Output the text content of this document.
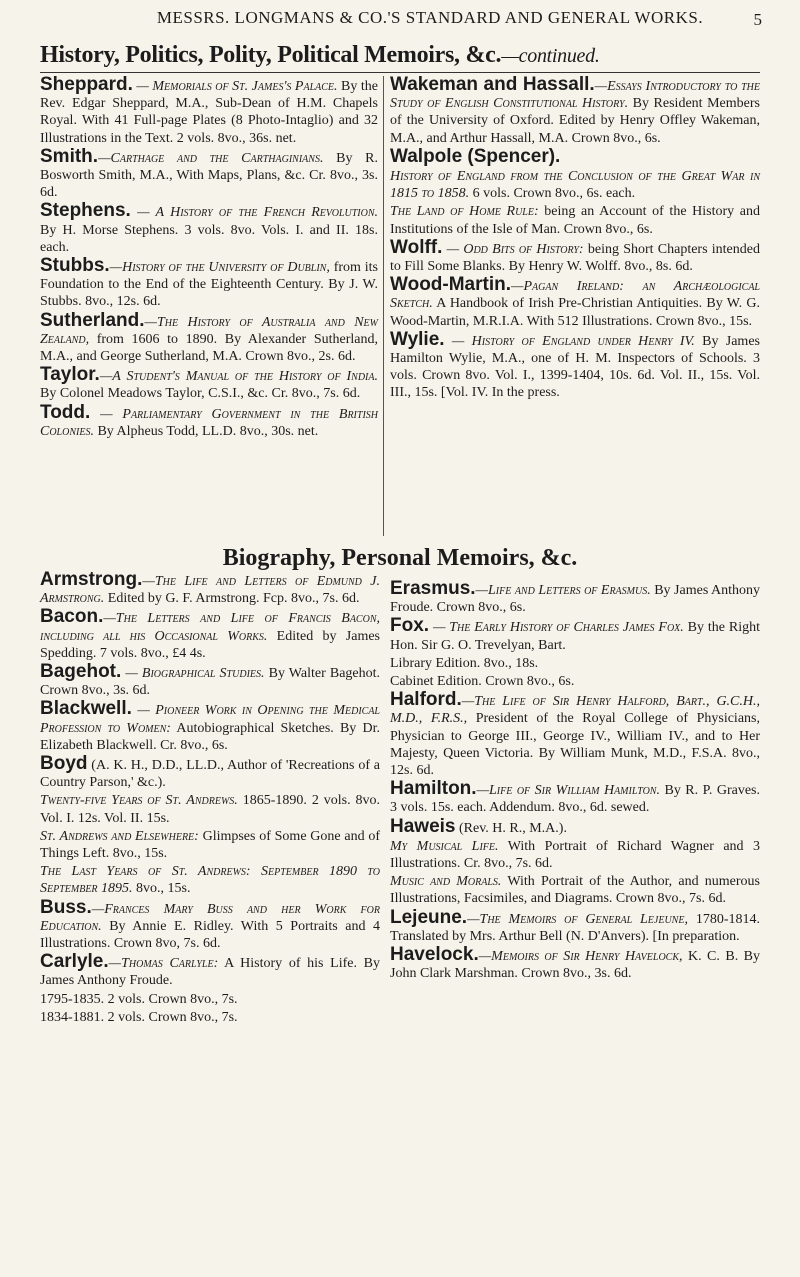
MESSRS. LONGMANS & CO.'S STANDARD AND GENERAL WORKS.	5
History, Politics, Polity, Political Memoirs, &c.—continued.
Sheppard. — Memorials of St. James's Palace. By the Rev. Edgar Sheppard, M.A., Sub-Dean of H.M. Chapels Royal. With 41 Full-page Plates (8 Photo-Intaglio) and 32 Illustrations in the Text. 2 vols. 8vo., 36s. net.
Smith.—Carthage and the Carthaginians. By R. Bosworth Smith, M.A., With Maps, Plans, &c. Cr. 8vo., 3s. 6d.
Stephens. — A History of the French Revolution. By H. Morse Stephens. 3 vols. 8vo. Vols. I. and II. 18s. each.
Stubbs.—History of the University of Dublin, from its Foundation to the End of the Eighteenth Century. By J. W. Stubbs. 8vo., 12s. 6d.
Sutherland.—The History of Australia and New Zealand, from 1606 to 1890. By Alexander Sutherland, M.A., and George Sutherland, M.A. Crown 8vo., 2s. 6d.
Taylor.—A Student's Manual of the History of India. By Colonel Meadows Taylor, C.S.I., &c. Cr. 8vo., 7s. 6d.
Todd. — Parliamentary Government in the British Colonies. By Alpheus Todd, LL.D. 8vo., 30s. net.
Wakeman and Hassall.—Essays Introductory to the Study of English Constitutional History. By Resident Members of the University of Oxford. Edited by Henry Offley Wakeman, M.A., and Arthur Hassall, M.A. Crown 8vo., 6s.
Walpole (Spencer).
History of England from the Conclusion of the Great War in 1815 to 1858. 6 vols. Crown 8vo., 6s. each.
The Land of Home Rule: being an Account of the History and Institutions of the Isle of Man. Crown 8vo., 6s.
Wolff. — Odd Bits of History: being Short Chapters intended to Fill Some Blanks. By Henry W. Wolff. 8vo., 8s. 6d.
Wood-Martin.—Pagan Ireland: an Archæological Sketch. A Handbook of Irish Pre-Christian Antiquities. By W. G. Wood-Martin, M.R.I.A. With 512 Illustrations. Crown 8vo., 15s.
Wylie. — History of England under Henry IV. By James Hamilton Wylie, M.A., one of H. M. Inspectors of Schools. 3 vols. Crown 8vo. Vol. I., 1399-1404, 10s. 6d. Vol. II., 15s. Vol. III., 15s. [Vol. IV. In the press.
Biography, Personal Memoirs, &c.
Armstrong.—The Life and Letters of Edmund J. Armstrong. Edited by G. F. Armstrong. Fcp. 8vo., 7s. 6d.
Bacon.—The Letters and Life of Francis Bacon, including all his Occasional Works. Edited by James Spedding. 7 vols. 8vo., £4 4s.
Bagehot. — Biographical Studies. By Walter Bagehot. Crown 8vo., 3s. 6d.
Blackwell. — Pioneer Work in Opening the Medical Profession to Women: Autobiographical Sketches. By Dr. Elizabeth Blackwell. Cr. 8vo., 6s.
Boyd (A. K. H., D.D., LL.D., Author of 'Recreations of a Country Parson,' &c.).
Twenty-five Years of St. Andrews. 1865-1890. 2 vols. 8vo. Vol. I. 12s. Vol. II. 15s.
St. Andrews and Elsewhere: Glimpses of Some Gone and of Things Left. 8vo., 15s.
The Last Years of St. Andrews: September 1890 to September 1895. 8vo., 15s.
Buss.—Frances Mary Buss and her Work for Education. By Annie E. Ridley. With 5 Portraits and 4 Illustrations. Crown 8vo, 7s. 6d.
Carlyle.—Thomas Carlyle: A History of his Life. By James Anthony Froude.
1795-1835. 2 vols. Crown 8vo., 7s.
1834-1881. 2 vols. Crown 8vo., 7s.
Erasmus.—Life and Letters of Erasmus. By James Anthony Froude. Crown 8vo., 6s.
Fox. — The Early History of Charles James Fox. By the Right Hon. Sir G. O. Trevelyan, Bart.
Library Edition. 8vo., 18s.
Cabinet Edition. Crown 8vo., 6s.
Halford.—The Life of Sir Henry Halford, Bart., G.C.H., M.D., F.R.S., President of the Royal College of Physicians, Physician to George III., George IV., William IV., and to Her Majesty, Queen Victoria. By William Munk, M.D., F.S.A. 8vo., 12s. 6d.
Hamilton.—Life of Sir William Hamilton. By R. P. Graves. 3 vols. 15s. each. Addendum. 8vo., 6d. sewed.
Haweis (Rev. H. R., M.A.).
My Musical Life. With Portrait of Richard Wagner and 3 Illustrations. Cr. 8vo., 7s. 6d.
Music and Morals. With Portrait of the Author, and numerous Illustrations, Facsimiles, and Diagrams. Crown 8vo., 7s. 6d.
Lejeune.—The Memoirs of General Lejeune, 1780-1814. Translated by Mrs. Arthur Bell (N. D'Anvers). [In preparation.
Havelock.—Memoirs of Sir Henry Havelock, K. C. B. By John Clark Marshman. Crown 8vo., 3s. 6d.
